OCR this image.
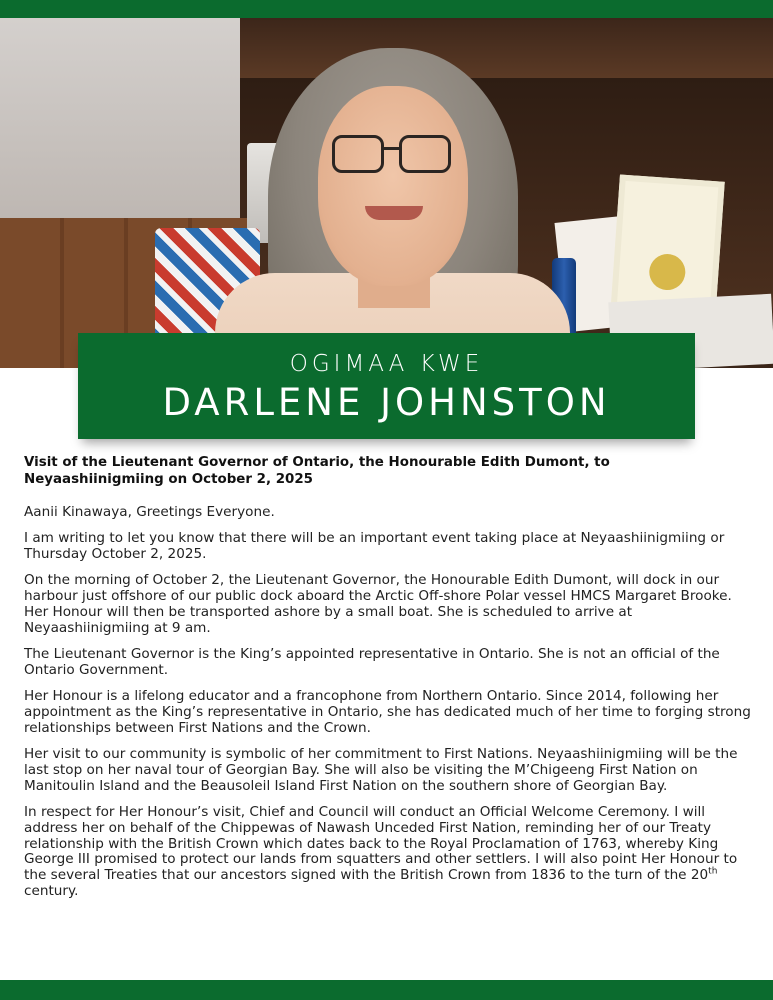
OGIMAA KWE
DARLENE JOHNSTON
Visit of the Lieutenant Governor of Ontario, the Honourable Edith Dumont, to Neyaashiinigmiing on October 2, 2025
Aanii Kinawaya, Greetings Everyone.
I am writing to let you know that there will be an important event taking place at Neyaashiinigmiing or Thursday October 2, 2025.
On the morning of October 2, the Lieutenant Governor, the Honourable Edith Dumont, will dock in our harbour just offshore of our public dock aboard the Arctic Off-shore Polar vessel HMCS Margaret Brooke. Her Honour will then be transported ashore by a small boat. She is scheduled to arrive at Neyaashiinigmiing at 9 am.
The Lieutenant Governor is the King’s appointed representative in Ontario. She is not an official of the Ontario Government.
Her Honour is a lifelong educator and a francophone from Northern Ontario. Since 2014, following her appointment as the King’s representative in Ontario, she has dedicated much of her time to forging strong relationships between First Nations and the Crown.
Her visit to our community is symbolic of her commitment to First Nations. Neyaashiinigmiing will be the last stop on her naval tour of Georgian Bay. She will also be visiting the M’Chigeeng First Nation on Manitoulin Island and the Beausoleil Island First Nation on the southern shore of Georgian Bay.
In respect for Her Honour’s visit, Chief and Council will conduct an Official Welcome Ceremony. I will address her on behalf of the Chippewas of Nawash Unceded First Nation, reminding her of our Treaty relationship with the British Crown which dates back to the Royal Proclamation of 1763, whereby King George III promised to protect our lands from squatters and other settlers. I will also point Her Honour to the several Treaties that our ancestors signed with the British Crown from 1836 to the turn of the 20th century.
